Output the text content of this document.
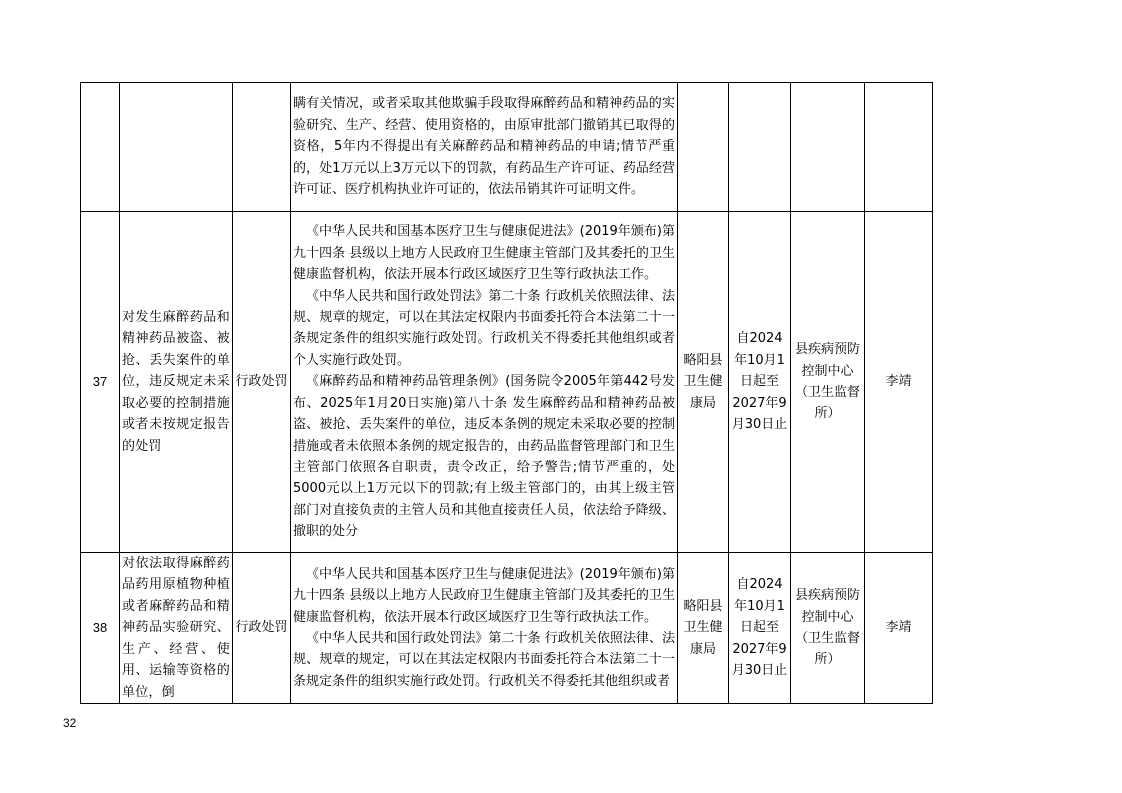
			瞒有关情况，或者采取其他欺骗手段取得麻醉药品和精神药品的实验研究、生产、经营、使用资格的，由原审批部门撤销其已取得的资格，5年内不得提出有关麻醉药品和精神药品的申请;情节严重的，处1万元以上3万元以下的罚款，有药品生产许可证、药品经营许可证、医疗机构执业许可证的，依法吊销其许可证明文件。				

37	对发生麻醉药品和精神药品被盗、被抢、丢失案件的单位，违反规定未采取必要的控制措施或者未按规定报告的处罚	行政处罚	《中华人民共和国基本医疗卫生与健康促进法》(2019年颁布)第九十四条 县级以上地方人民政府卫生健康主管部门及其委托的卫生健康监督机构，依法开展本行政区域医疗卫生等行政执法工作。
《中华人民共和国行政处罚法》第二十条 行政机关依照法律、法规、规章的规定，可以在其法定权限内书面委托符合本法第二十一条规定条件的组织实施行政处罚。行政机关不得委托其他组织或者个人实施行政处罚。
《麻醉药品和精神药品管理条例》(国务院令2005年第442号发布、2025年1月20日实施)第八十条 发生麻醉药品和精神药品被盗、被抢、丢失案件的单位，违反本条例的规定未采取必要的控制措施或者未依照本条例的规定报告的，由药品监督管理部门和卫生主管部门依照各自职责，责令改正，给予警告;情节严重的，处5000元以上1万元以下的罚款;有上级主管部门的，由其上级主管部门对直接负责的主管人员和其他直接责任人员，依法给予降级、撤职的处分	略阳县卫生健康局	自2024年10月1日起至2027年9月30日止	县疾病预防控制中心（卫生监督所）	李靖
38	对依法取得麻醉药品药用原植物种植或者麻醉药品和精神药品实验研究、生产、经营、使用、运输等资格的单位，倒	行政处罚	《中华人民共和国基本医疗卫生与健康促进法》(2019年颁布)第九十四条 县级以上地方人民政府卫生健康主管部门及其委托的卫生健康监督机构，依法开展本行政区域医疗卫生等行政执法工作。
《中华人民共和国行政处罚法》第二十条 行政机关依照法律、法规、规章的规定，可以在其法定权限内书面委托符合本法第二十一条规定条件的组织实施行政处罚。行政机关不得委托其他组织或者	略阳县卫生健康局	自2024年10月1日起至2027年9月30日止	县疾病预防控制中心（卫生监督所）	李靖
32
